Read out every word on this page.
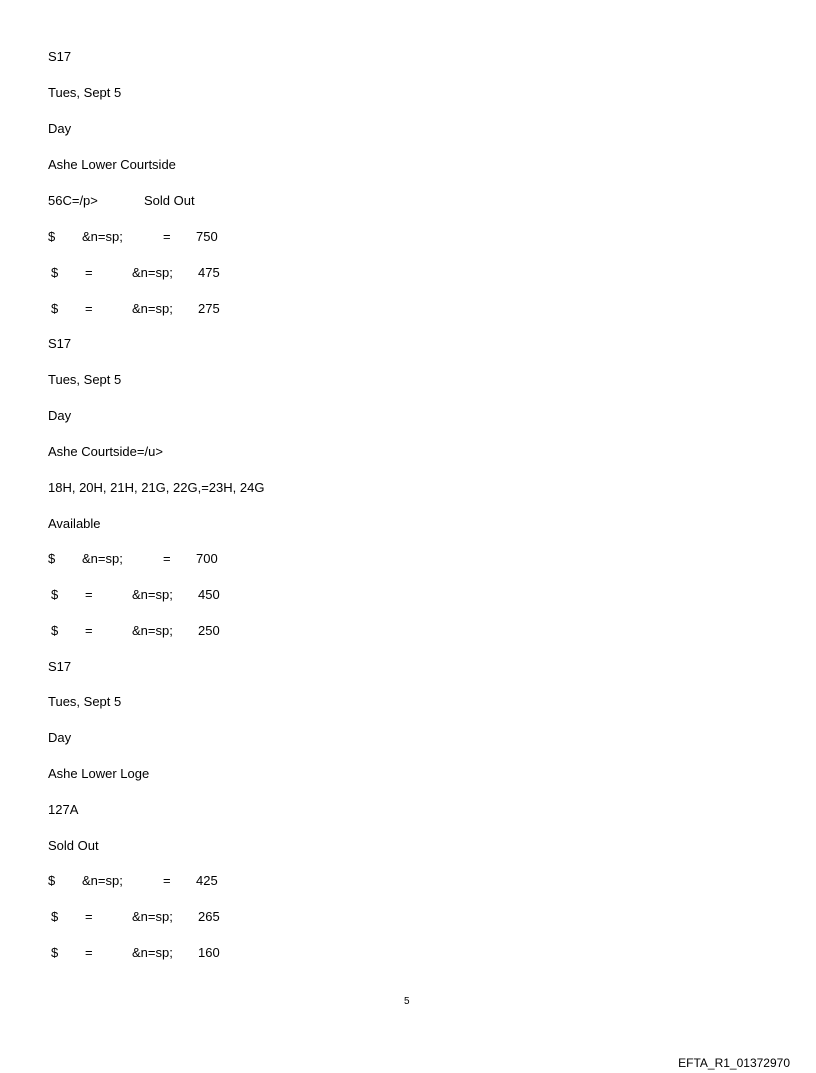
S17
Tues, Sept 5
Day
Ashe Lower Courtside
56C=/p>	Sold Out
$ &n=sp;	= 750
$ =	&n=sp; 475
$ =	&n=sp; 275
S17
Tues, Sept 5
Day
Ashe Courtside=/u>
18H, 20H, 21H, 21G, 22G,=23H, 24G
Available
$ &n=sp;	= 700
$ =	&n=sp; 450
$ =	&n=sp; 250
S17
Tues, Sept 5
Day
Ashe Lower Loge
127A
Sold Out
$ &n=sp;	= 425
$ =	&n=sp; 265
$ =	&n=sp; 160
5
EFTA_R1_01372970
